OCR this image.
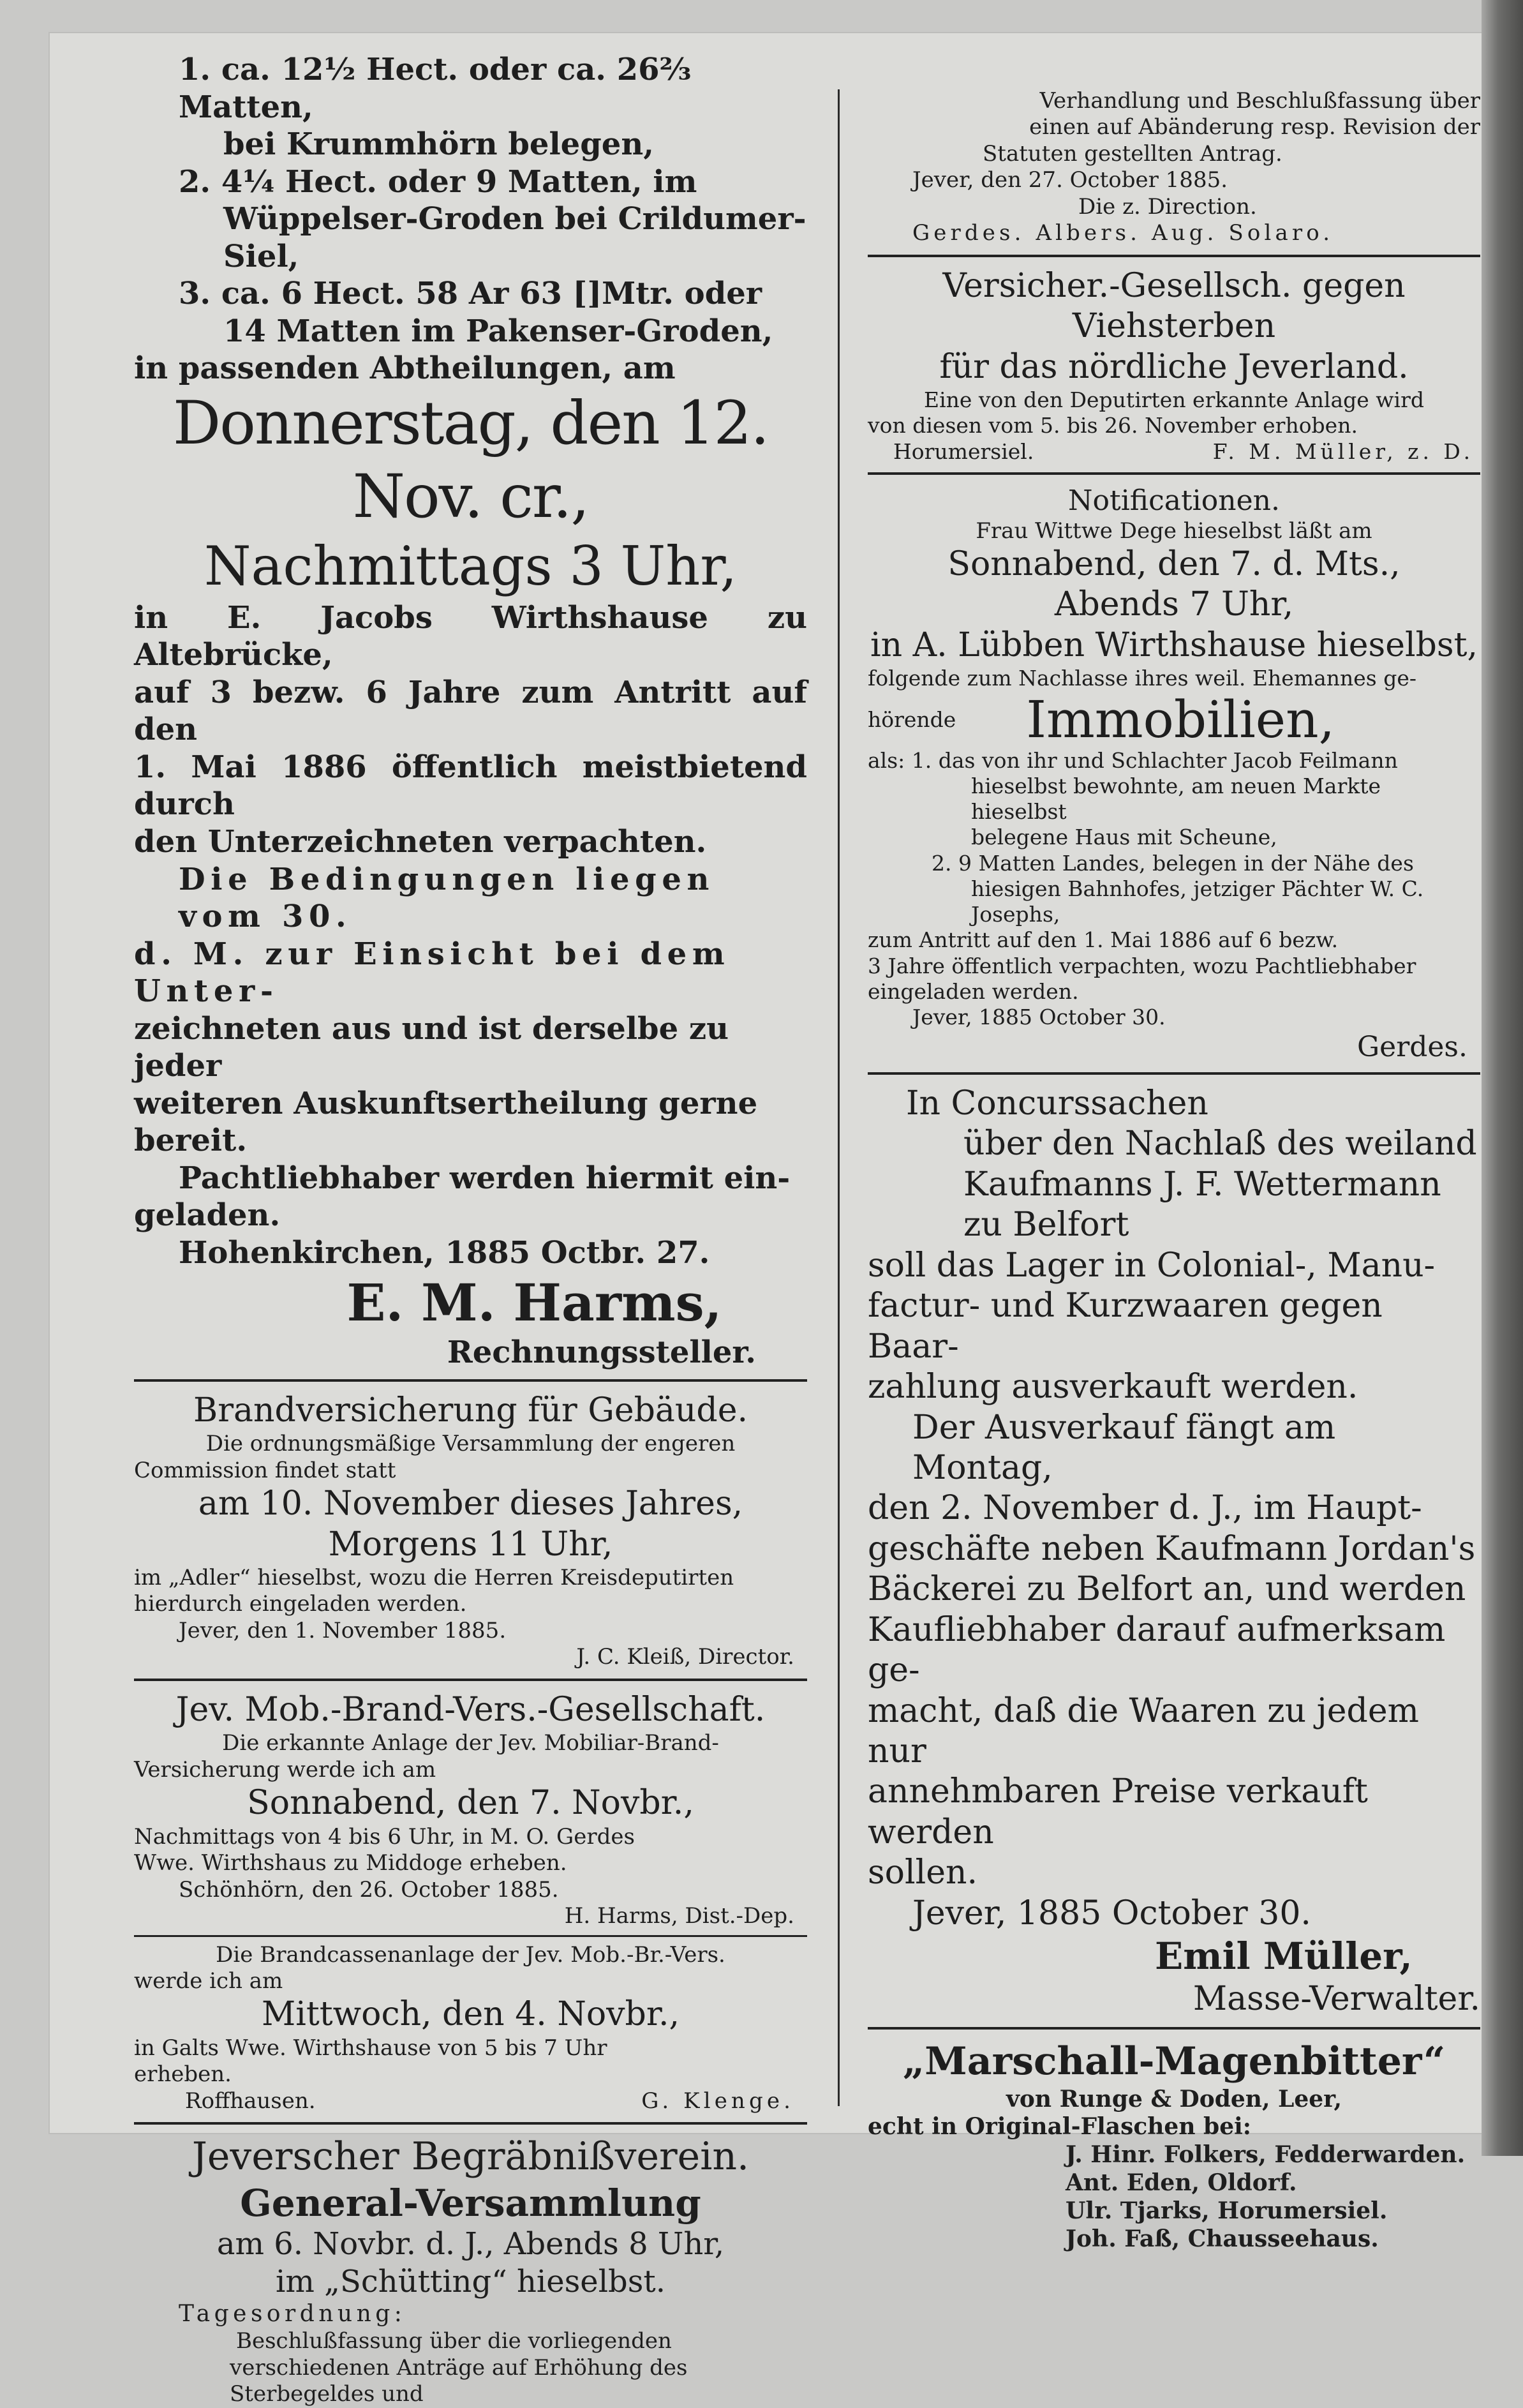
1. ca. 12½ Hect. oder ca. 26⅔ Matten,
bei Krummhörn belegen,
2. 4¼ Hect. oder 9 Matten, im
Wüppelser-Groden bei Crildumer-
Siel,
3. ca. 6 Hect. 58 Ar 63 []Mtr. oder
14 Matten im Pakenser-Groden,
in passenden Abtheilungen, am
Donnerstag, den 12. Nov. cr.,
Nachmittags 3 Uhr,
in E. Jacobs Wirthshause zu Altebrücke,
auf 3 bezw. 6 Jahre zum Antritt auf den
1. Mai 1886 öffentlich meistbietend durch
den Unterzeichneten verpachten.
Die Bedingungen liegen vom 30.
d. M. zur Einsicht bei dem Unter-
zeichneten aus und ist derselbe zu jeder
weiteren Auskunftsertheilung gerne bereit.
Pachtliebhaber werden hiermit ein-
geladen.
Hohenkirchen, 1885 Octbr. 27.
E. M. Harms,
Rechnungssteller.
Brandversicherung für Gebäude.
Die ordnungsmäßige Versammlung der engeren
Commission findet statt
am 10. November dieses Jahres,
Morgens 11 Uhr,
im „Adler“ hieselbst, wozu die Herren Kreisdeputirten
hierdurch eingeladen werden.
Jever, den 1. November 1885.
J. C. Kleiß, Director.
Jev. Mob.-Brand-Vers.-Gesellschaft.
Die erkannte Anlage der Jev. Mobiliar-Brand-
Versicherung werde ich am
Sonnabend, den 7. Novbr.,
Nachmittags von 4 bis 6 Uhr, in M. O. Gerdes
Wwe. Wirthshaus zu Middoge erheben.
Schönhörn, den 26. October 1885.
H. Harms, Dist.-Dep.
Die Brandcassenanlage der Jev. Mob.-Br.-Vers.
werde ich am
Mittwoch, den 4. Novbr.,
in Galts Wwe. Wirthshause von 5 bis 7 Uhr
erheben.
Roffhausen.	G. Klenge.
Jeverscher Begräbnißverein.
General-Versammlung
am 6. Novbr. d. J., Abends 8 Uhr,
im „Schütting“ hieselbst.
Tagesordnung:
Beschlußfassung über die vorliegenden
verschiedenen Anträge auf Erhöhung des
Sterbegeldes und
Verhandlung und Beschlußfassung über
einen auf Abänderung resp. Revision der
Statuten gestellten Antrag.
Jever, den 27. October 1885.
Die z. Direction.
Gerdes. Albers. Aug. Solaro.
Versicher.-Gesellsch. gegen Viehsterben
für das nördliche Jeverland.
Eine von den Deputirten erkannte Anlage wird
von diesen vom 5. bis 26. November erhoben.
Horumersiel.	F. M. Müller, z. D.
Notificationen.
Frau Wittwe Dege hieselbst läßt am
Sonnabend, den 7. d. Mts.,
Abends 7 Uhr,
in A. Lübben Wirthshause hieselbst,
folgende zum Nachlasse ihres weil. Ehemannes ge-
hörende	Immobilien,
als: 1. das von ihr und Schlachter Jacob Feilmann
hieselbst bewohnte, am neuen Markte hieselbst
belegene Haus mit Scheune,
2. 9 Matten Landes, belegen in der Nähe des
hiesigen Bahnhofes, jetziger Pächter W. C.
Josephs,
zum Antritt auf den 1. Mai 1886 auf 6 bezw.
3 Jahre öffentlich verpachten, wozu Pachtliebhaber
eingeladen werden.
Jever, 1885 October 30.
Gerdes.
In Concurssachen
über den Nachlaß des weiland
Kaufmanns J. F. Wettermann
zu Belfort
soll das Lager in Colonial-, Manu-
factur- und Kurzwaaren gegen Baar-
zahlung ausverkauft werden.
Der Ausverkauf fängt am Montag,
den 2. November d. J., im Haupt-
geschäfte neben Kaufmann Jordan's
Bäckerei zu Belfort an, und werden
Kaufliebhaber darauf aufmerksam ge-
macht, daß die Waaren zu jedem nur
annehmbaren Preise verkauft werden
sollen.
Jever, 1885 October 30.
Emil Müller,
Masse-Verwalter.
„Marschall-Magenbitter“
von Runge & Doden, Leer,
echt in Original-Flaschen bei:
J. Hinr. Folkers, Fedderwarden.
Ant. Eden, Oldorf.
Ulr. Tjarks, Horumersiel.
Joh. Faß, Chausseehaus.
